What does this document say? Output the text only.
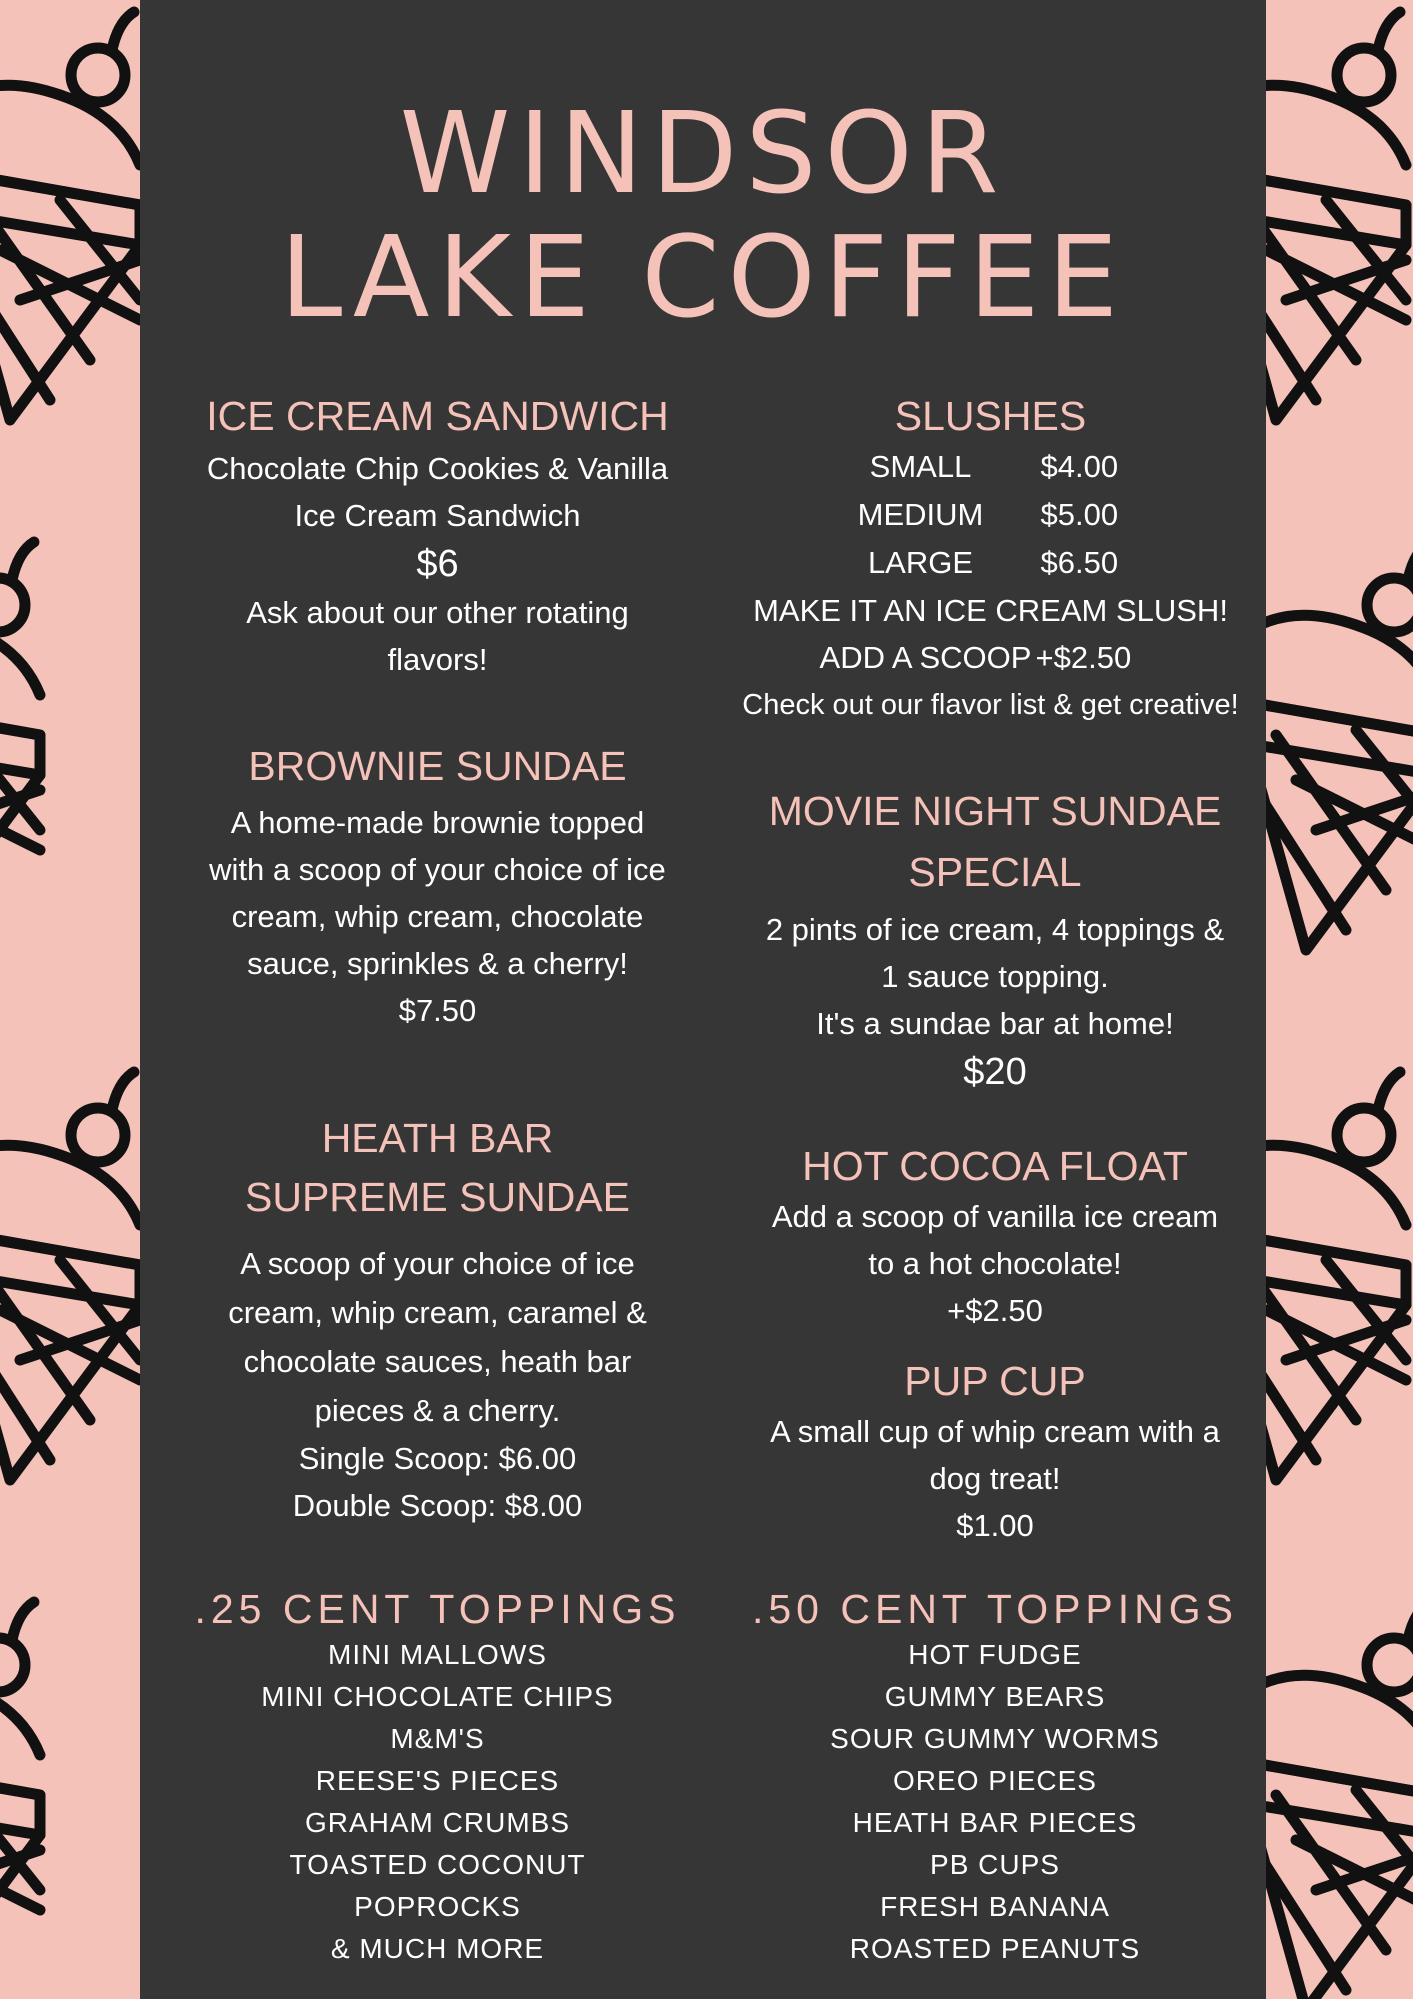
WINDSOR
LAKE COFFEE
ICE CREAM SANDWICH
Chocolate Chip Cookies & Vanilla
Ice Cream Sandwich
$6
Ask about our other rotating
flavors!
SLUSHES
SMALL	$4.00
MEDIUM	$5.00
LARGE	$6.50
MAKE IT AN ICE CREAM SLUSH!
ADD A SCOOP +$2.50
Check out our flavor list & get creative!
BROWNIE SUNDAE
A home-made brownie topped
with a scoop of your choice of ice
cream, whip cream, chocolate
sauce, sprinkles & a cherry!
$7.50
MOVIE NIGHT SUNDAE
SPECIAL
2 pints of ice cream, 4 toppings &
1 sauce topping.
It's a sundae bar at home!
$20
HEATH BAR
SUPREME SUNDAE
A scoop of your choice of ice
cream, whip cream, caramel &
chocolate sauces, heath bar
pieces & a cherry.
Single Scoop: $6.00
Double Scoop: $8.00
HOT COCOA FLOAT
Add a scoop of vanilla ice cream
to a hot chocolate!
+$2.50
PUP CUP
A small cup of whip cream with a
dog treat!
$1.00
.25 CENT TOPPINGS
MINI MALLOWS
MINI CHOCOLATE CHIPS
M&M'S
REESE'S PIECES
GRAHAM CRUMBS
TOASTED COCONUT
POPROCKS
& MUCH MORE
.50 CENT TOPPINGS
HOT FUDGE
GUMMY BEARS
SOUR GUMMY WORMS
OREO PIECES
HEATH BAR PIECES
PB CUPS
FRESH BANANA
ROASTED PEANUTS
